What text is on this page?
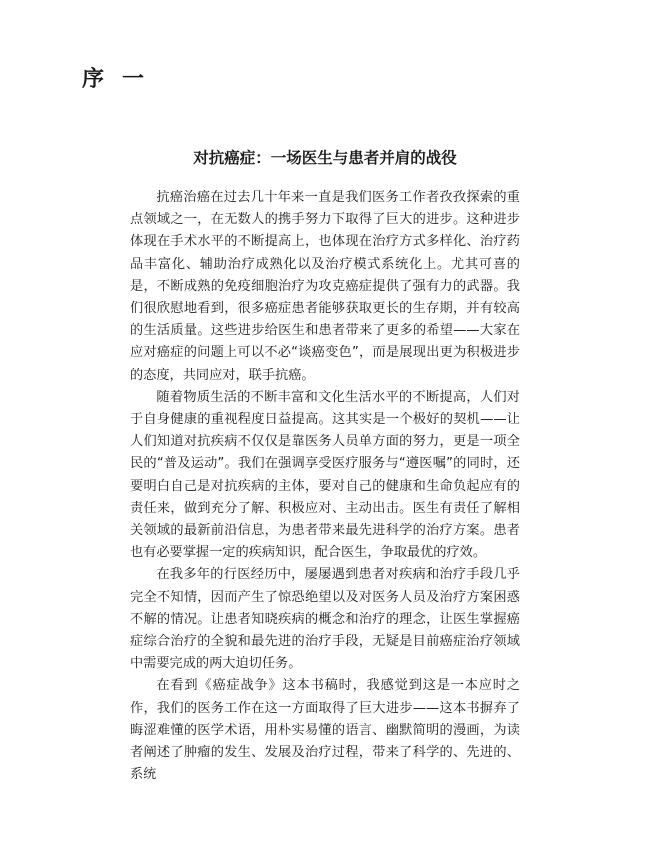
序 一
对抗癌症：一场医生与患者并肩的战役

抗癌治癌在过去几十年来一直是我们医务工作者孜孜探索的重点领域之一，在无数人的携手努力下取得了巨大的进步。这种进步体现在手术水平的不断提高上，也体现在治疗方式多样化、治疗药品丰富化、辅助治疗成熟化以及治疗模式系统化上。尤其可喜的是，不断成熟的免疫细胞治疗为攻克癌症提供了强有力的武器。我们很欣慰地看到，很多癌症患者能够获取更长的生存期，并有较高的生活质量。这些进步给医生和患者带来了更多的希望——大家在应对癌症的问题上可以不必“谈癌变色”，而是展现出更为积极进步的态度，共同应对，联手抗癌。

随着物质生活的不断丰富和文化生活水平的不断提高，人们对于自身健康的重视程度日益提高。这其实是一个极好的契机——让人们知道对抗疾病不仅仅是靠医务人员单方面的努力，更是一项全民的“普及运动”。我们在强调享受医疗服务与“遵医嘱”的同时，还要明白自己是对抗疾病的主体，要对自己的健康和生命负起应有的责任来，做到充分了解、积极应对、主动出击。医生有责任了解相关领域的最新前沿信息，为患者带来最先进科学的治疗方案。患者也有必要掌握一定的疾病知识，配合医生，争取最优的疗效。

在我多年的行医经历中，屡屡遇到患者对疾病和治疗手段几乎完全不知情，因而产生了惊恐绝望以及对医务人员及治疗方案困惑不解的情况。让患者知晓疾病的概念和治疗的理念，让医生掌握癌症综合治疗的全貌和最先进的治疗手段，无疑是目前癌症治疗领域中需要完成的两大迫切任务。

在看到《癌症战争》这本书稿时，我感觉到这是一本应时之作，我们的医务工作在这一方面取得了巨大进步——这本书摒弃了晦涩难懂的医学术语，用朴实易懂的语言、幽默简明的漫画，为读者阐述了肿瘤的发生、发展及治疗过程，带来了科学的、先进的、系统
